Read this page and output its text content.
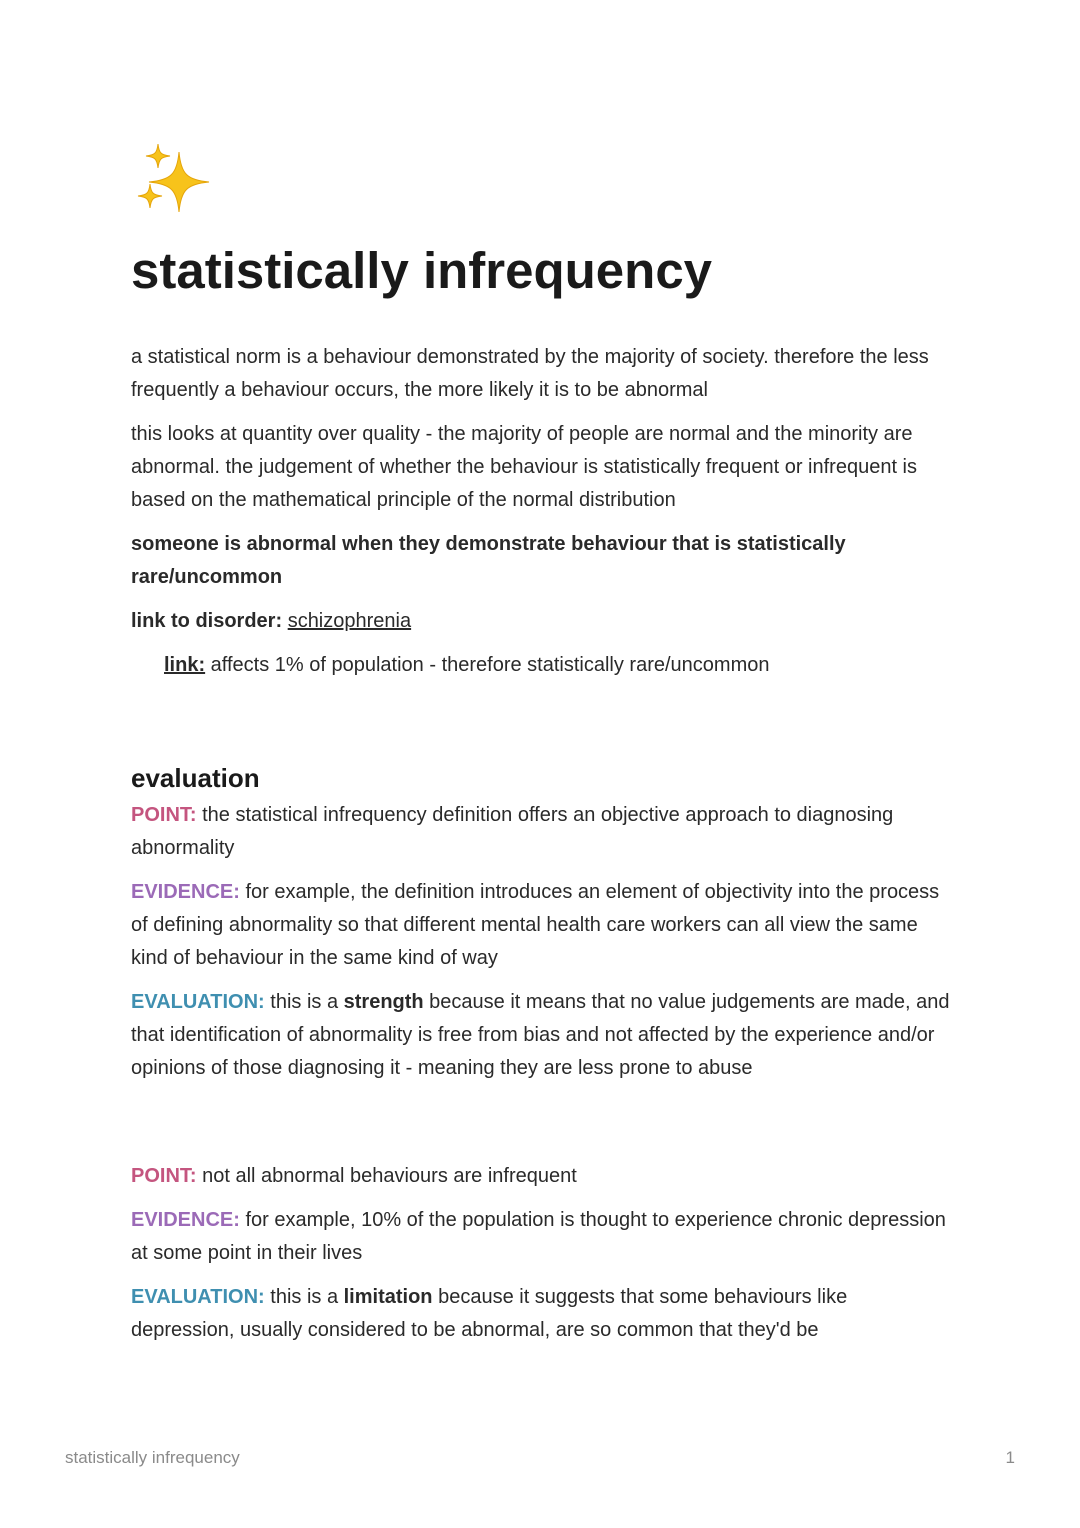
statistically infrequency

a statistical norm is a behaviour demonstrated by the majority of society. therefore the less frequently a behaviour occurs, the more likely it is to be abnormal

this looks at quantity over quality - the majority of people are normal and the minority are abnormal. the judgement of whether the behaviour is statistically frequent or infrequent is based on the mathematical principle of the normal distribution

someone is abnormal when they demonstrate behaviour that is statistically rare/uncommon

link to disorder: schizophrenia

link: affects 1% of population - therefore statistically rare/uncommon

evaluation

POINT: the statistical infrequency definition offers an objective approach to diagnosing abnormality

EVIDENCE: for example, the definition introduces an element of objectivity into the process of defining abnormality so that different mental health care workers can all view the same kind of behaviour in the same kind of way

EVALUATION: this is a strength because it means that no value judgements are made, and that identification of abnormality is free from bias and not affected by the experience and/or opinions of those diagnosing it - meaning they are less prone to abuse

POINT: not all abnormal behaviours are infrequent

EVIDENCE: for example, 10% of the population is thought to experience chronic depression at some point in their lives

EVALUATION: this is a limitation because it suggests that some behaviours like depression, usually considered to be abnormal, are so common that they'd be

statistically infrequency	1
